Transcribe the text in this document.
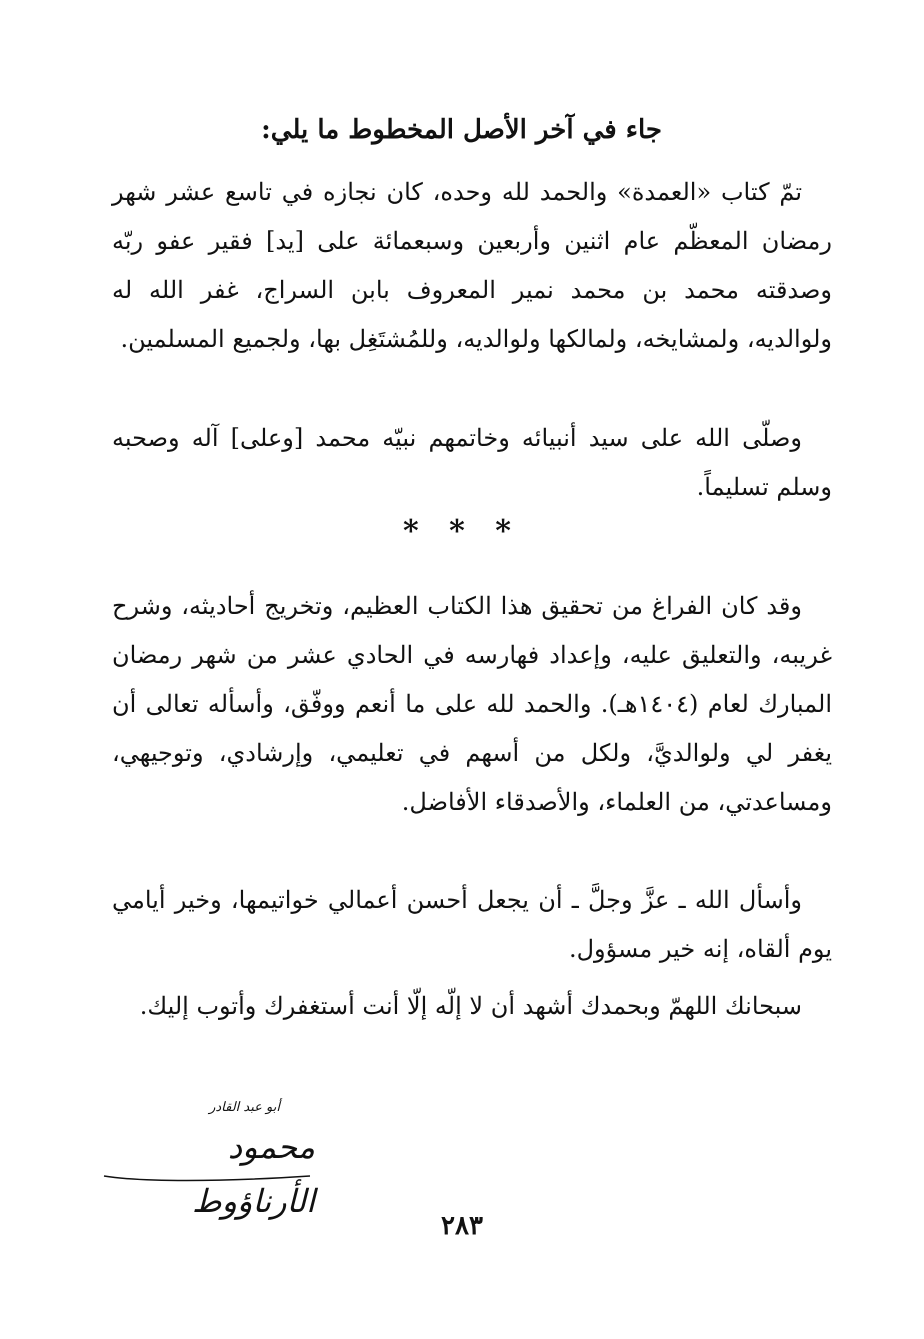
جاء في آخر الأصل المخطوط ما يلي:

تمّ كتاب «العمدة» والحمد لله وحده، كان نجازه في تاسع عشر شهر رمضان المعظّم عام اثنين وأربعين وسبعمائة على [يد] فقير عفو ربّه وصدقته محمد بن محمد نمير المعروف بابن السراج، غفر الله له ولوالديه، ولمشايخه، ولمالكها ولوالديه، وللمُشتَغِل بها، ولجميع المسلمين.

وصلّى الله على سيد أنبيائه وخاتمهم نبيّه محمد [وعلى] آله وصحبه وسلم تسليماً.

* * *

وقد كان الفراغ من تحقيق هذا الكتاب العظيم، وتخريج أحاديثه، وشرح غريبه، والتعليق عليه، وإعداد فهارسه في الحادي عشر من شهر رمضان المبارك لعام (١٤٠٤هـ). والحمد لله على ما أنعم ووفّق، وأسأله تعالى أن يغفر لي ولوالديَّ، ولكل من أسهم في تعليمي، وإرشادي، وتوجيهي، ومساعدتي، من العلماء، والأصدقاء الأفاضل.

وأسأل الله ـ عزَّ وجلَّ ـ أن يجعل أحسن أعمالي خواتيمها، وخير أيامي يوم ألقاه، إنه خير مسؤول.

سبحانك اللهمّ وبحمدك أشهد أن لا إلّه إلّا أنت أستغفرك وأتوب إليك.

أبو عبد القادر
محمود الأرناؤوط
٢٨٣
